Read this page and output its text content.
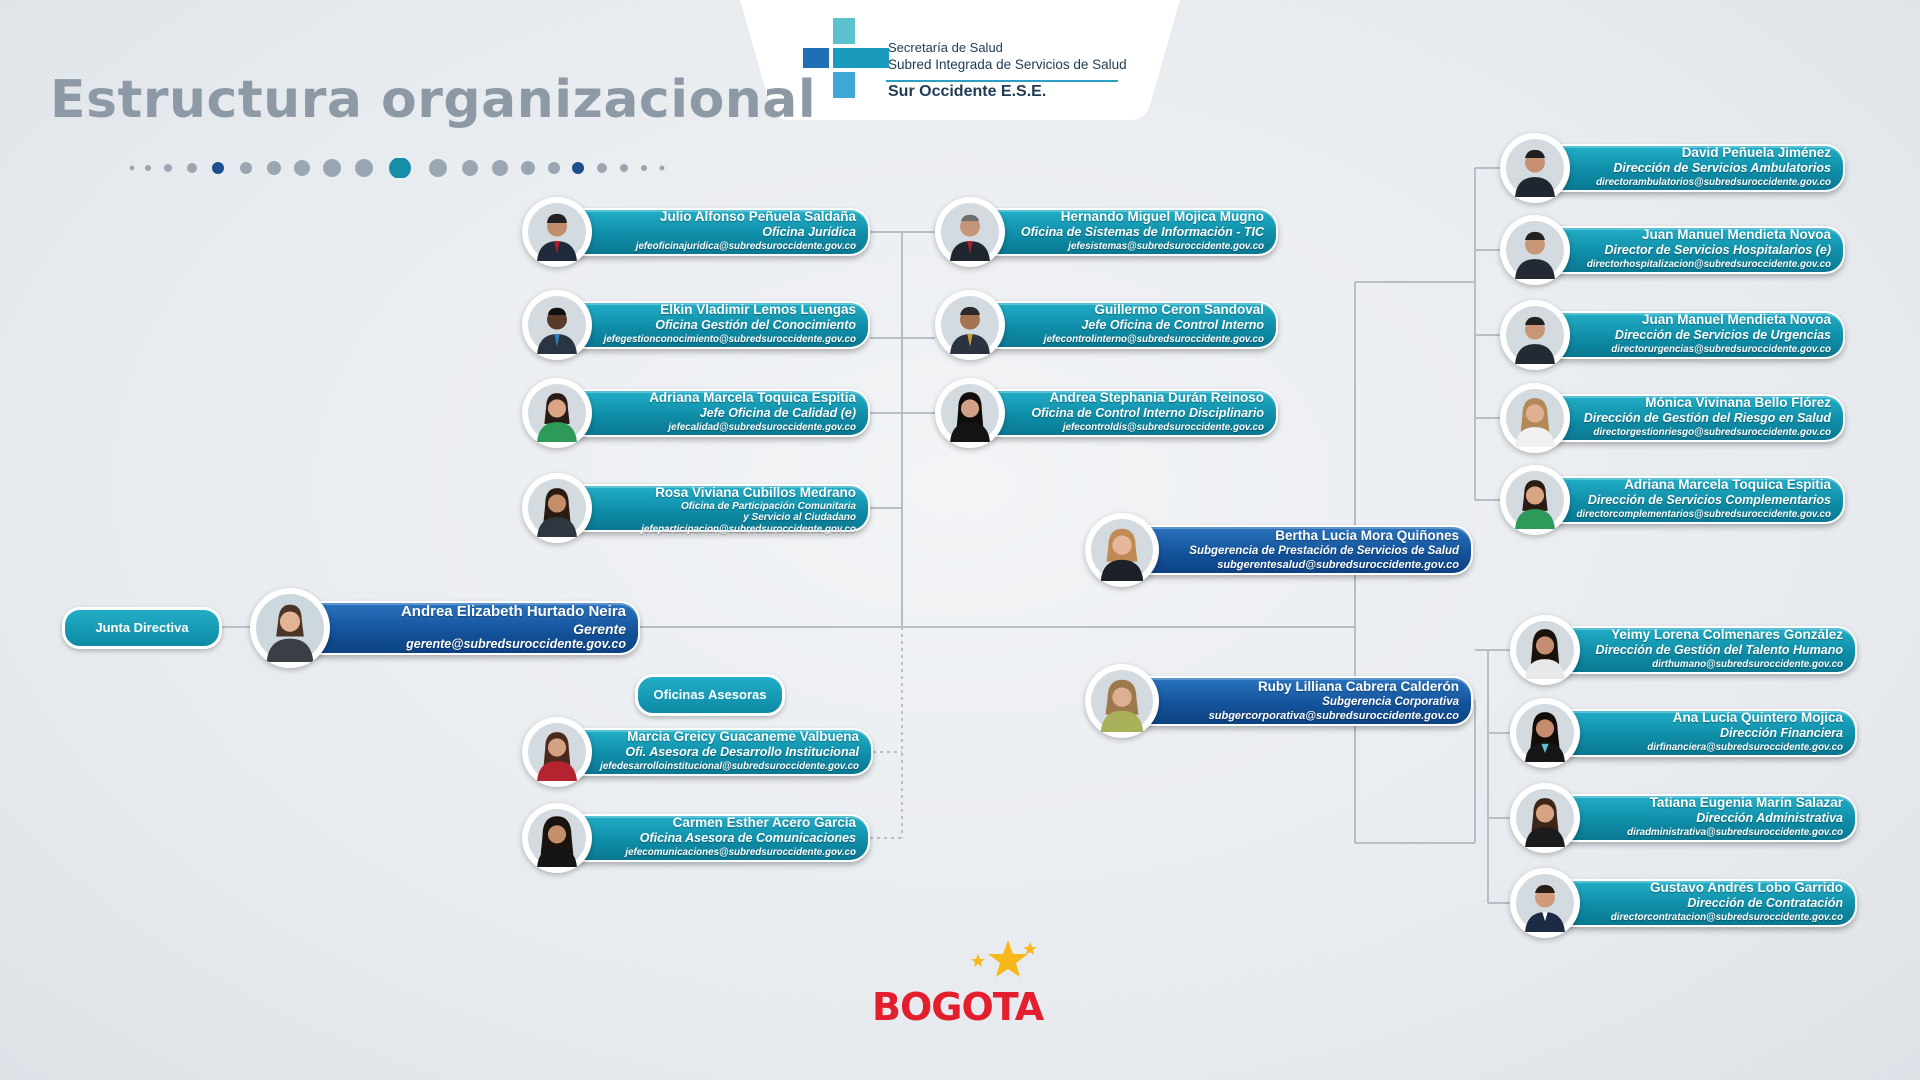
Secretaría de Salud
Subred Integrada de Servicios de Salud
Sur Occidente E.S.E.
Estructura organizacional
Junta Directiva
Oficinas Asesoras
Andrea Elizabeth Hurtado Neira
Gerente
gerente@subredsuroccidente.gov.co
Julio Alfonso Peñuela Saldaña
Oficina Jurídica
jefeoficinajuridica@subredsuroccidente.gov.co
Elkin Vladimir Lemos Luengas
Oficina Gestión del Conocimiento
jefegestionconocimiento@subredsuroccidente.gov.co
Adriana Marcela Toquica Espitia
Jefe Oficina de Calidad (e)
jefecalidad@subredsuroccidente.gov.co
Rosa Viviana Cubillos Medrano
Oficina de Participación Comunitaria
y Servicio al Ciudadano
jefeparticipacion@subredsuroccidente.gov.co
Hernando Miguel Mojica Mugno
Oficina de Sistemas de Información - TIC
jefesistemas@subredsuroccidente.gov.co
Guillermo Ceron Sandoval
Jefe Oficina de Control Interno
jefecontrolinterno@subredsuroccidente.gov.co
Andrea Stephania Durán Reinoso
Oficina de Control Interno Disciplinario
jefecontroldis@subredsuroccidente.gov.co
Marcia Greicy Guacaneme Valbuena
Ofi. Asesora de Desarrollo Institucional
jefedesarrolloinstitucional@subredsuroccidente.gov.co
Carmen Esther Acero García
Oficina Asesora de Comunicaciones
jefecomunicaciones@subredsuroccidente.gov.co
Bertha Lucia Mora Quiñones
Subgerencia de Prestación de Servicios de Salud
subgerentesalud@subredsuroccidente.gov.co
Ruby Lilliana Cabrera Calderón
Subgerencia Corporativa
subgercorporativa@subredsuroccidente.gov.co
David Peñuela Jiménez
Dirección de Servicios Ambulatorios
directorambulatorios@subredsuroccidente.gov.co
Juan Manuel Mendieta Novoa
Director de Servicios Hospitalarios (e)
directorhospitalizacion@subredsuroccidente.gov.co
Juan Manuel Mendieta Novoa
Dirección de Servicios de Urgencias
directorurgencias@subredsuroccidente.gov.co
Mónica Vivinana Bello Flórez
Dirección de Gestión del Riesgo en Salud
directorgestionriesgo@subredsuroccidente.gov.co
Adriana Marcela Toquica Espitia
Dirección de Servicios Complementarios
directorcomplementarios@subredsuroccidente.gov.co
Yeimy Lorena Colmenares González
Dirección de Gestión del Talento Humano
dirthumano@subredsuroccidente.gov.co
Ana Lucía Quintero Mojica
Dirección Financiera
dirfinanciera@subredsuroccidente.gov.co
Tatiana Eugenia Marín Salazar
Dirección Administrativa
diradministrativa@subredsuroccidente.gov.co
Gustavo Andrés Lobo Garrido
Dirección de Contratación
directorcontratacion@subredsuroccidente.gov.co
BOGOTA
